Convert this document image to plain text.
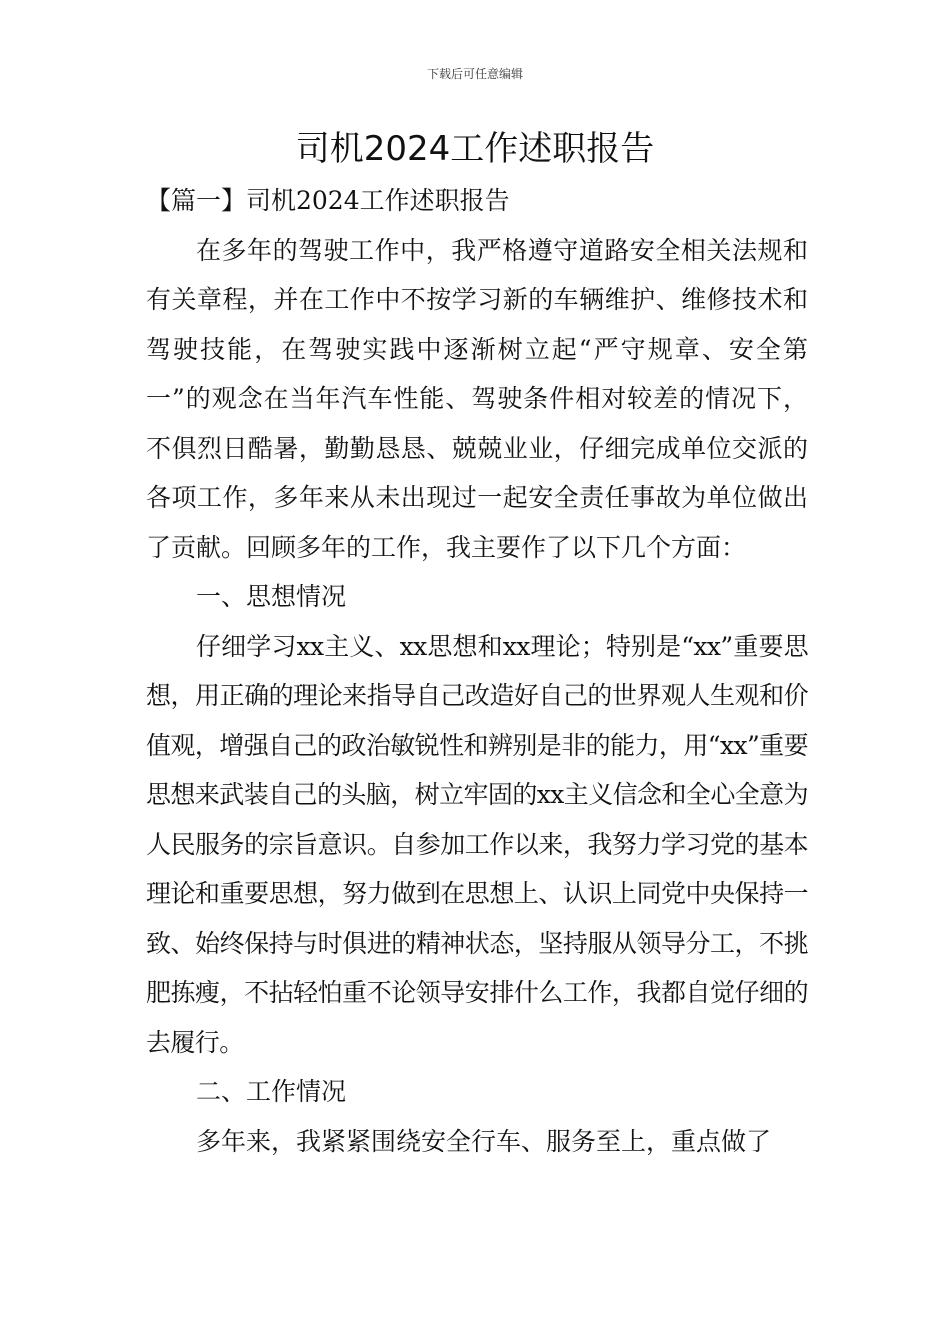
下载后可任意编辑
司机2024工作述职报告

【篇一】司机2024工作述职报告

在多年的驾驶工作中，我严格遵守道路安全相关法规和有关章程，并在工作中不按学习新的车辆维护、维修技术和驾驶技能，在驾驶实践中逐渐树立起“严守规章、安全第一”的观念在当年汽车性能、驾驶条件相对较差的情况下，不俱烈日酷暑，勤勤恳恳、兢兢业业，仔细完成单位交派的各项工作，多年来从未出现过一起安全责任事故为单位做出了贡献。回顾多年的工作，我主要作了以下几个方面：

一、思想情况

仔细学习xx主义、xx思想和xx理论；特别是“xx”重要思想，用正确的理论来指导自己改造好自己的世界观人生观和价值观，增强自己的政治敏锐性和辨别是非的能力，用“xx”重要思想来武装自己的头脑，树立牢固的xx主义信念和全心全意为人民服务的宗旨意识。自参加工作以来，我努力学习党的基本理论和重要思想，努力做到在思想上、认识上同党中央保持一致、始终保持与时俱进的精神状态，坚持服从领导分工，不挑肥拣瘦，不拈轻怕重不论领导安排什么工作，我都自觉仔细的去履行。

二、工作情况

多年来，我紧紧围绕安全行车、服务至上，重点做了
